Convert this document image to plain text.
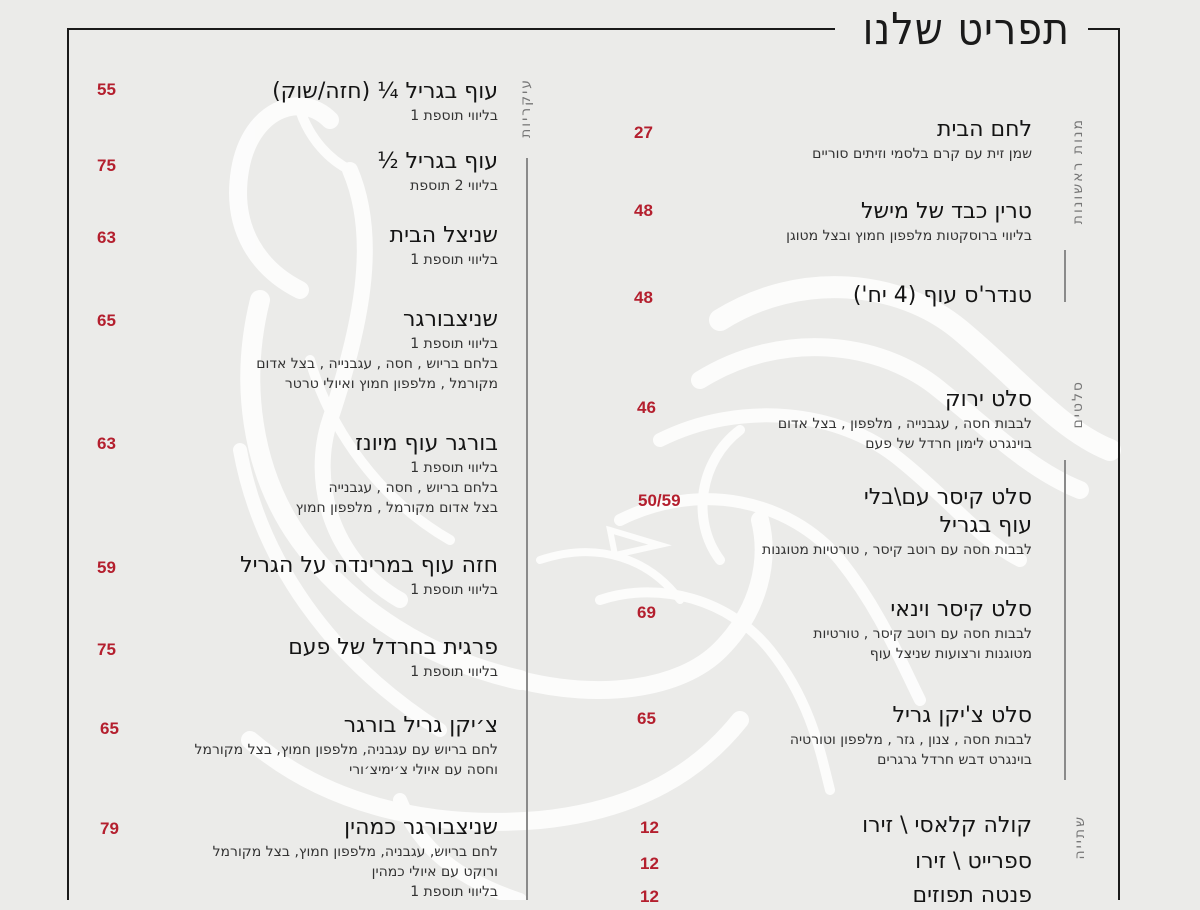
תפריט שלנו
עיקריות
מנות ראשונות
סלטים
שתייה
עוף בגריל ¼ (חזה/שוק)
בליווי תוספת 1
55
עוף בגריל ½
בליווי 2 תוספת
75
שניצל הבית
בליווי תוספת 1
63
שניצבורגר
בליווי תוספת 1
בלחם בריוש , חסה , עגבנייה , בצל אדום
מקורמל , מלפפון חמוץ ואיולי טרטר
65
בורגר עוף מיונז
בליווי תוספת 1
בלחם בריוש , חסה , עגבנייה
בצל אדום מקורמל , מלפפון חמוץ
63
חזה עוף במרינדה על הגריל
בליווי תוספת 1
59
פרגית בחרדל של פעם
בליווי תוספת 1
75
צ׳יקן גריל בורגר
לחם בריוש עם עגבניה, מלפפון חמוץ, בצל מקורמל
וחסה עם איולי צ׳ימיצ׳ורי
65
שניצבורגר כמהין
לחם בריוש, עגבניה, מלפפון חמוץ, בצל מקורמל
ורוקט עם איולי כמהין
בליווי תוספת 1
79
לחם הבית
שמן זית עם קרם בלסמי וזיתים סוריים
27
טרין כבד של מישל
בליווי ברוסקטות מלפפון חמוץ ובצל מטוגן
48
טנדר'ס עוף (4 יח')
48
סלט ירוק
לבבות חסה , עגבנייה , מלפפון , בצל אדום
בוינגרט לימון חרדל של פעם
46
סלט קיסר עם\בלי
עוף בגריל
לבבות חסה עם רוטב קיסר , טורטיות מטוגנות
50/59
סלט קיסר וינאי
לבבות חסה עם רוטב קיסר , טורטיות
מטוגנות ורצועות שניצל עוף
69
סלט צ'יקן גריל
לבבות חסה , צנון , גזר , מלפפון וטורטיה
בוינגרט דבש חרדל גרגרים
65
קולה קלאסי \ זירו
12
ספרייט \ זירו
12
פנטה תפוזים
12
